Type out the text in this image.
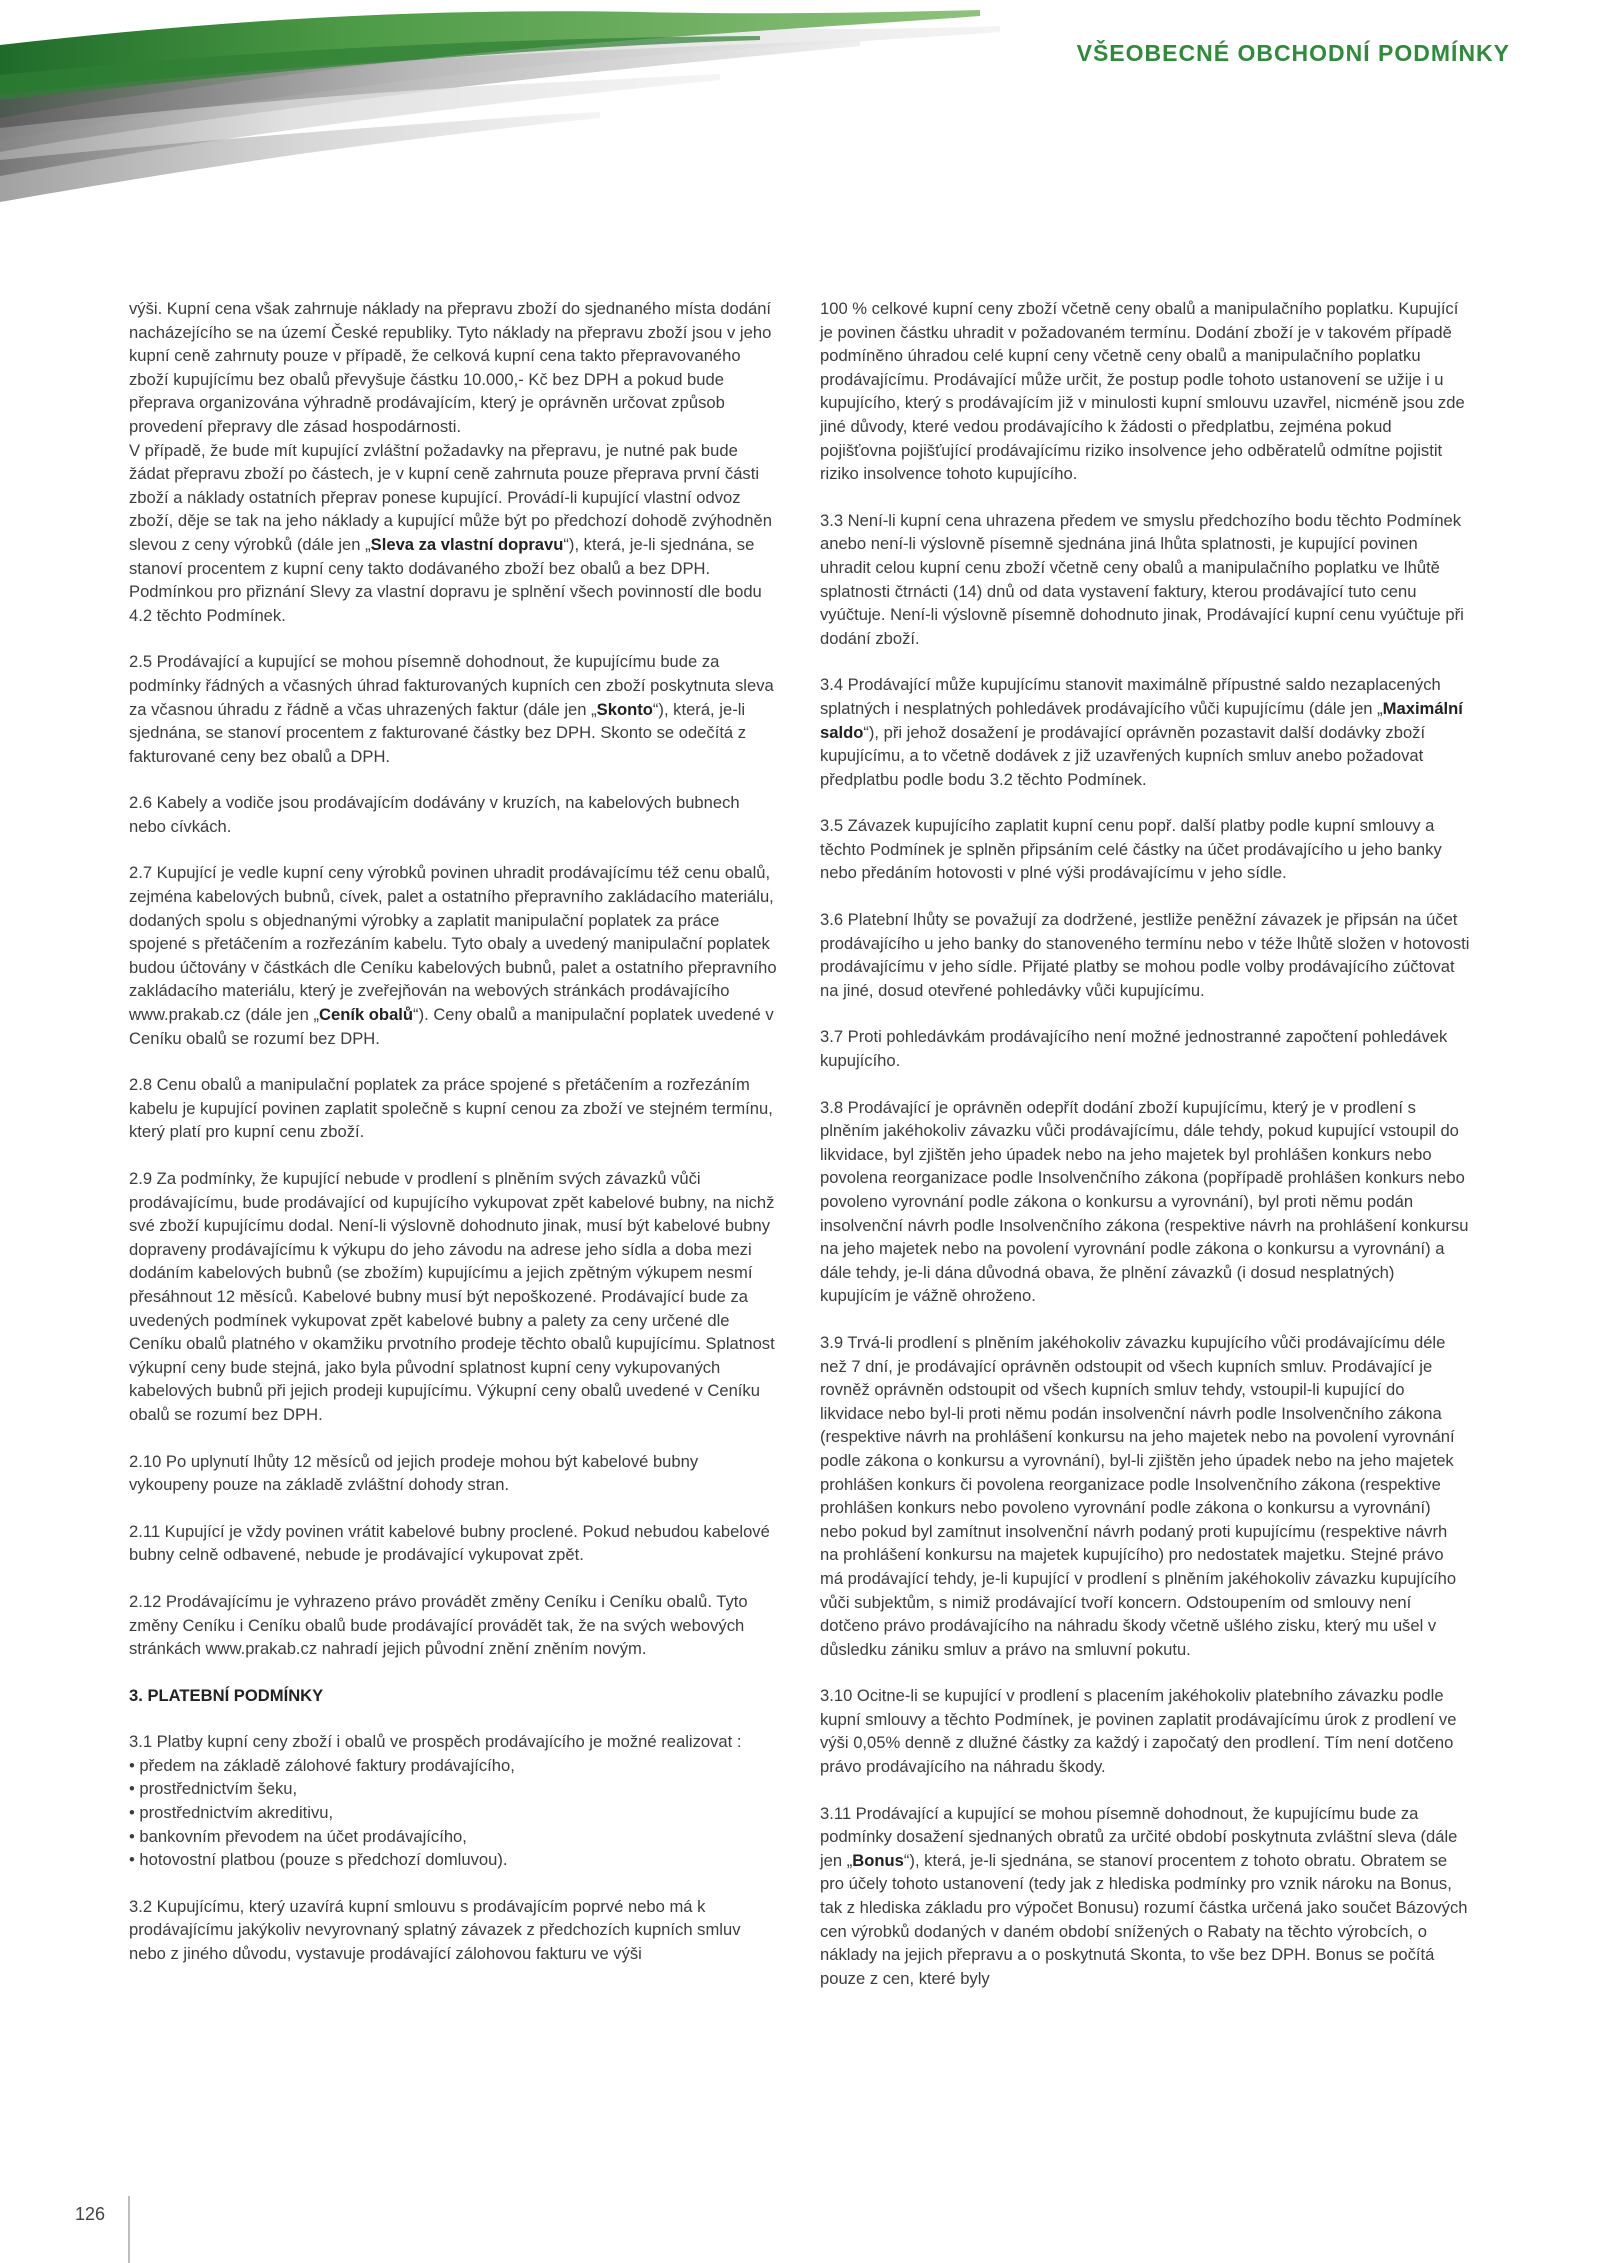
VŠEOBECNÉ OBCHODNÍ PODMÍNKY

výši. Kupní cena však zahrnuje náklady na přepravu zboží do sjednaného místa dodání nacházejícího se na území České republiky. Tyto náklady na přepravu zboží jsou v jeho kupní ceně zahrnuty pouze v případě, že celková kupní cena takto přepravovaného zboží kupujícímu bez obalů převyšuje částku 10.000,- Kč bez DPH a pokud bude přeprava organizována výhradně prodávajícím, který je oprávněn určovat způsob provedení přepravy dle zásad hospodárnosti.

V případě, že bude mít kupující zvláštní požadavky na přepravu, je nutné pak bude žádat přepravu zboží po částech, je v kupní ceně zahrnuta pouze přeprava první části zboží a náklady ostatních přeprav ponese kupující. Provádí-li kupující vlastní odvoz zboží, děje se tak na jeho náklady a kupující může být po předchozí dohodě zvýhodněn slevou z ceny výrobků (dále jen „Sleva za vlastní dopravu“), která, je-li sjednána, se stanoví procentem z kupní ceny takto dodávaného zboží bez obalů a bez DPH. Podmínkou pro přiznání Slevy za vlastní dopravu je splnění všech povinností dle bodu 4.2 těchto Podmínek.

2.5 Prodávající a kupující se mohou písemně dohodnout, že kupujícímu bude za podmínky řádných a včasných úhrad fakturovaných kupních cen zboží poskytnuta sleva za včasnou úhradu z řádně a včas uhrazených faktur (dále jen „Skonto“), která, je-li sjednána, se stanoví procentem z fakturované částky bez DPH. Skonto se odečítá z fakturované ceny bez obalů a DPH.

2.6 Kabely a vodiče jsou prodávajícím dodávány v kruzích, na kabelových bubnech nebo cívkách.

2.7 Kupující je vedle kupní ceny výrobků povinen uhradit prodávajícímu též cenu obalů, zejména kabelových bubnů, cívek, palet a ostatního přepravního zakládacího materiálu, dodaných spolu s objednanými výrobky a zaplatit manipulační poplatek za práce spojené s přetáčením a rozřezáním kabelu. Tyto obaly a uvedený manipulační poplatek budou účtovány v částkách dle Ceníku kabelových bubnů, palet a ostatního přepravního zakládacího materiálu, který je zveřejňován na webových stránkách prodávajícího www.prakab.cz (dále jen „Ceník obalů“). Ceny obalů a manipulační poplatek uvedené v Ceníku obalů se rozumí bez DPH.

2.8 Cenu obalů a manipulační poplatek za práce spojené s přetáčením a rozřezáním kabelu je kupující povinen zaplatit společně s kupní cenou za zboží ve stejném termínu, který platí pro kupní cenu zboží.

2.9 Za podmínky, že kupující nebude v prodlení s plněním svých závazků vůči prodávajícímu, bude prodávající od kupujícího vykupovat zpět kabelové bubny, na nichž své zboží kupujícímu dodal. Není-li výslovně dohodnuto jinak, musí být kabelové bubny dopraveny prodávajícímu k výkupu do jeho závodu na adrese jeho sídla a doba mezi dodáním kabelových bubnů (se zbožím) kupujícímu a jejich zpětným výkupem nesmí přesáhnout 12 měsíců. Kabelové bubny musí být nepoškozené. Prodávající bude za uvedených podmínek vykupovat zpět kabelové bubny a palety za ceny určené dle Ceníku obalů platného v okamžiku prvotního prodeje těchto obalů kupujícímu. Splatnost výkupní ceny bude stejná, jako byla původní splatnost kupní ceny vykupovaných kabelových bubnů při jejich prodeji kupujícímu. Výkupní ceny obalů uvedené v Ceníku obalů se rozumí bez DPH.

2.10 Po uplynutí lhůty 12 měsíců od jejich prodeje mohou být kabelové bubny vykoupeny pouze na základě zvláštní dohody stran.

2.11 Kupující je vždy povinen vrátit kabelové bubny proclené. Pokud nebudou kabelové bubny celně odbavené, nebude je prodávající vykupovat zpět.

2.12 Prodávajícímu je vyhrazeno právo provádět změny Ceníku i Ceníku obalů. Tyto změny Ceníku i Ceníku obalů bude prodávající provádět tak, že na svých webových stránkách www.prakab.cz nahradí jejich původní znění zněním novým.

3. PLATEBNÍ PODMÍNKY

3.1 Platby kupní ceny zboží i obalů ve prospěch prodávajícího je možné realizovat :

• předem na základě zálohové faktury prodávajícího,
• prostřednictvím šeku,
• prostřednictvím akreditivu,
• bankovním převodem na účet prodávajícího,
• hotovostní platbou (pouze s předchozí domluvou).

3.2 Kupujícímu, který uzavírá kupní smlouvu s prodávajícím poprvé nebo má k prodávajícímu jakýkoliv nevyrovnaný splatný závazek z předchozích kupních smluv nebo z jiného důvodu, vystavuje prodávající zálohovou fakturu ve výši

100 % celkové kupní ceny zboží včetně ceny obalů a manipulačního poplatku. Kupující je povinen částku uhradit v požadovaném termínu. Dodání zboží je v takovém případě podmíněno úhradou celé kupní ceny včetně ceny obalů a manipulačního poplatku prodávajícímu. Prodávající může určit, že postup podle tohoto ustanovení se užije i u kupujícího, který s prodávajícím již v minulosti kupní smlouvu uzavřel, nicméně jsou zde jiné důvody, které vedou prodávajícího k žádosti o předplatbu, zejména pokud pojišťovna pojišťující prodávajícímu riziko insolvence jeho odběratelů odmítne pojistit riziko insolvence tohoto kupujícího.

3.3 Není-li kupní cena uhrazena předem ve smyslu předchozího bodu těchto Podmínek anebo není-li výslovně písemně sjednána jiná lhůta splatnosti, je kupující povinen uhradit celou kupní cenu zboží včetně ceny obalů a manipulačního poplatku ve lhůtě splatnosti čtrnácti (14) dnů od data vystavení faktury, kterou prodávající tuto cenu vyúčtuje. Není-li výslovně písemně dohodnuto jinak, Prodávající kupní cenu vyúčtuje při dodání zboží.

3.4 Prodávající může kupujícímu stanovit maximálně přípustné saldo nezaplacených splatných i nesplatných pohledávek prodávajícího vůči kupujícímu (dále jen „Maximální saldo“), při jehož dosažení je prodávající oprávněn pozastavit další dodávky zboží kupujícímu, a to včetně dodávek z již uzavřených kupních smluv anebo požadovat předplatbu podle bodu 3.2 těchto Podmínek.

3.5 Závazek kupujícího zaplatit kupní cenu popř. další platby podle kupní smlouvy a těchto Podmínek je splněn připsáním celé částky na účet prodávajícího u jeho banky nebo předáním hotovosti v plné výši prodávajícímu v jeho sídle.

3.6 Platební lhůty se považují za dodržené, jestliže peněžní závazek je připsán na účet prodávajícího u jeho banky do stanoveného termínu nebo v téže lhůtě složen v hotovosti prodávajícímu v jeho sídle. Přijaté platby se mohou podle volby prodávajícího zúčtovat na jiné, dosud otevřené pohledávky vůči kupujícímu.

3.7 Proti pohledávkám prodávajícího není možné jednostranné započtení pohledávek kupujícího.

3.8 Prodávající je oprávněn odepřít dodání zboží kupujícímu, který je v prodlení s plněním jakéhokoliv závazku vůči prodávajícímu, dále tehdy, pokud kupující vstoupil do likvidace, byl zjištěn jeho úpadek nebo na jeho majetek byl prohlášen konkurs nebo povolena reorganizace podle Insolvenčního zákona (popřípadě prohlášen konkurs nebo povoleno vyrovnání podle zákona o konkursu a vyrovnání), byl proti němu podán insolvenční návrh podle Insolvenčního zákona (respektive návrh na prohlášení konkursu na jeho majetek nebo na povolení vyrovnání podle zákona o konkursu a vyrovnání) a dále tehdy, je-li dána důvodná obava, že plnění závazků (i dosud nesplatných) kupujícím je vážně ohroženo.

3.9 Trvá-li prodlení s plněním jakéhokoliv závazku kupujícího vůči prodávajícímu déle než 7 dní, je prodávající oprávněn odstoupit od všech kupních smluv. Prodávající je rovněž oprávněn odstoupit od všech kupních smluv tehdy, vstoupil-li kupující do likvidace nebo byl-li proti němu podán insolvenční návrh podle Insolvenčního zákona (respektive návrh na prohlášení konkursu na jeho majetek nebo na povolení vyrovnání podle zákona o konkursu a vyrovnání), byl-li zjištěn jeho úpadek nebo na jeho majetek prohlášen konkurs či povolena reorganizace podle Insolvenčního zákona (respektive prohlášen konkurs nebo povoleno vyrovnání podle zákona o konkursu a vyrovnání) nebo pokud byl zamítnut insolvenční návrh podaný proti kupujícímu (respektive návrh na prohlášení konkursu na majetek kupujícího) pro nedostatek majetku. Stejné právo má prodávající tehdy, je-li kupující v prodlení s plněním jakéhokoliv závazku kupujícího vůči subjektům, s nimiž prodávající tvoří koncern. Odstoupením od smlouvy není dotčeno právo prodávajícího na náhradu škody včetně ušlého zisku, který mu ušel v důsledku zániku smluv a právo na smluvní pokutu.

3.10 Ocitne-li se kupující v prodlení s placením jakéhokoliv platebního závazku podle kupní smlouvy a těchto Podmínek, je povinen zaplatit prodávajícímu úrok z prodlení ve výši 0,05% denně z dlužné částky za každý i započatý den prodlení. Tím není dotčeno právo prodávajícího na náhradu škody.

3.11 Prodávající a kupující se mohou písemně dohodnout, že kupujícímu bude za podmínky dosažení sjednaných obratů za určité období poskytnuta zvláštní sleva (dále jen „Bonus“), která, je-li sjednána, se stanoví procentem z tohoto obratu. Obratem se pro účely tohoto ustanovení (tedy jak z hlediska podmínky pro vznik nároku na Bonus, tak z hlediska základu pro výpočet Bonusu) rozumí částka určená jako součet Bázových cen výrobků dodaných v daném období snížených o Rabaty na těchto výrobcích, o náklady na jejich přepravu a o poskytnutá Skonta, to vše bez DPH. Bonus se počítá pouze z cen, které byly

126
